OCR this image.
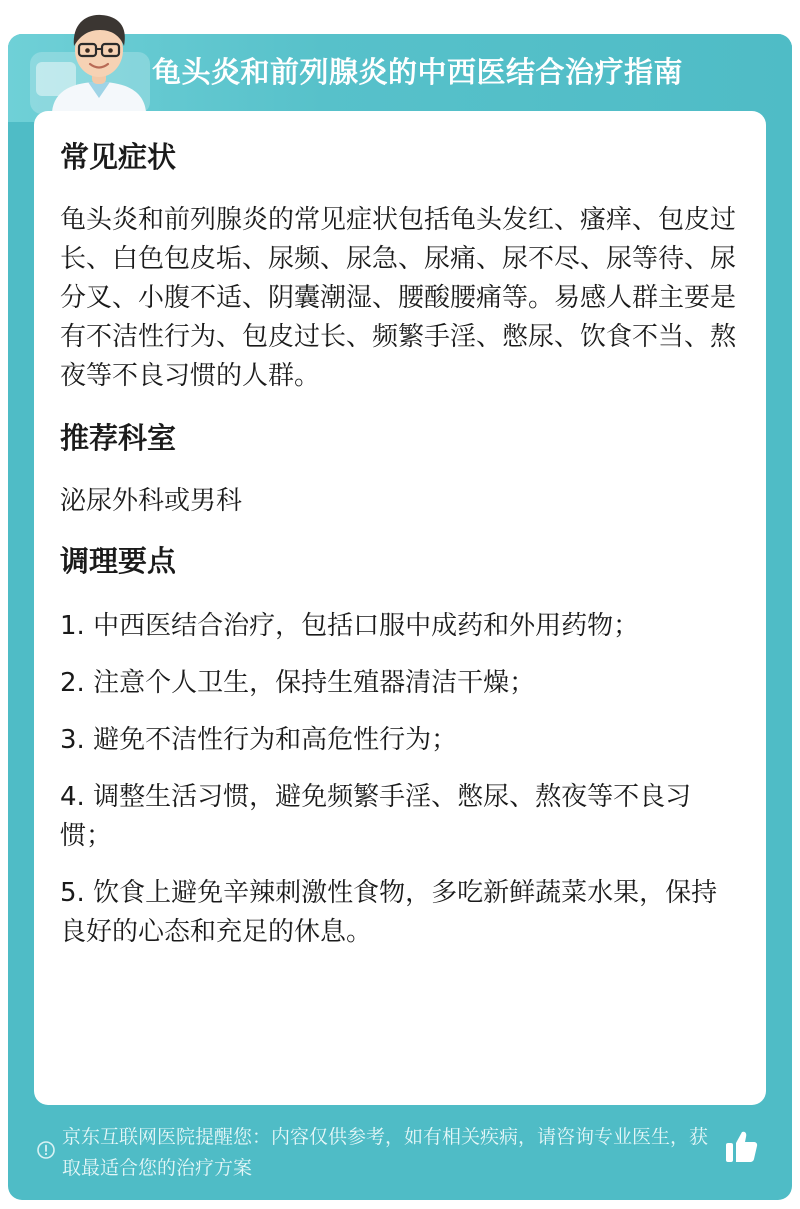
龟头炎和前列腺炎的中西医结合治疗指南
常见症状

龟头炎和前列腺炎的常见症状包括龟头发红、瘙痒、包皮过长、白色包皮垢、尿频、尿急、尿痛、尿不尽、尿等待、尿分叉、小腹不适、阴囊潮湿、腰酸腰痛等。易感人群主要是有不洁性行为、包皮过长、频繁手淫、憋尿、饮食不当、熬夜等不良习惯的人群。

推荐科室

泌尿外科或男科

调理要点

1. 中西医结合治疗，包括口服中成药和外用药物；

2. 注意个人卫生，保持生殖器清洁干燥；

3. 避免不洁性行为和高危性行为；

4. 调整生活习惯，避免频繁手淫、憋尿、熬夜等不良习惯；

5. 饮食上避免辛辣刺激性食物，多吃新鲜蔬菜水果，保持良好的心态和充足的休息。

京东互联网医院提醒您：内容仅供参考，如有相关疾病，请咨询专业医生，获取最适合您的治疗方案
